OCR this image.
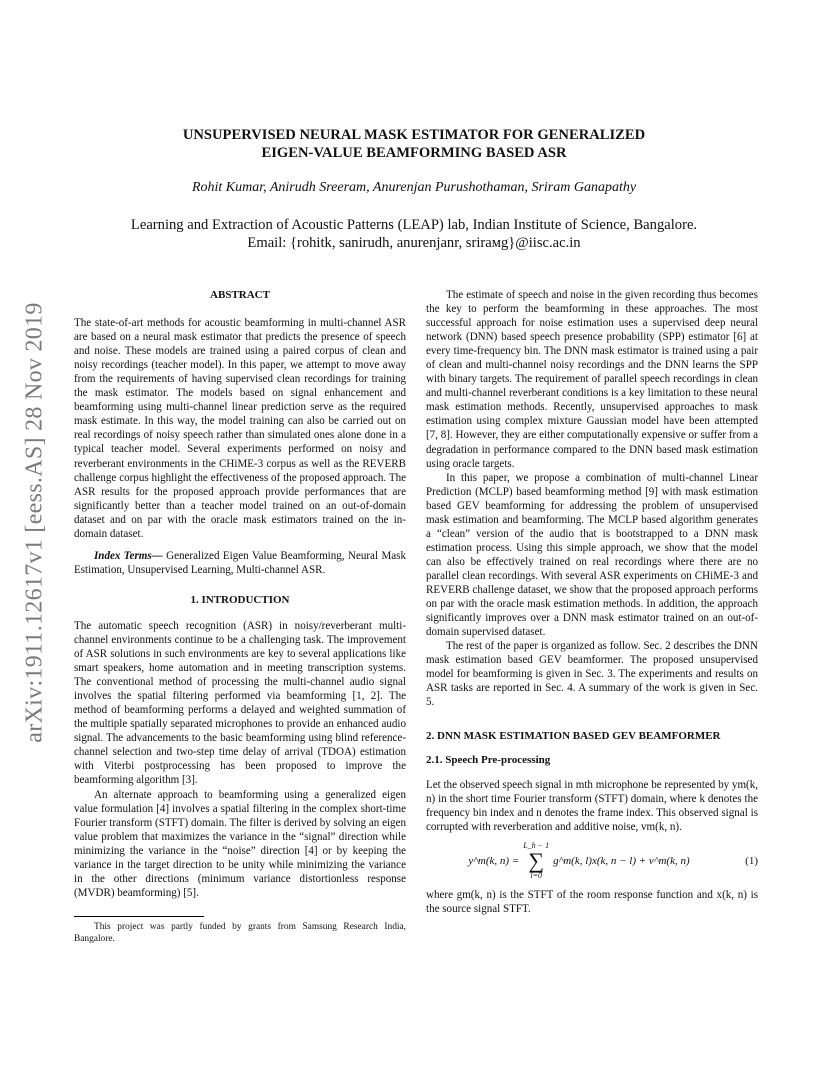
arXiv:1911.12617v1 [eess.AS] 28 Nov 2019
UNSUPERVISED NEURAL MASK ESTIMATOR FOR GENERALIZED
EIGEN-VALUE BEAMFORMING BASED ASR
Rohit Kumar, Anirudh Sreeram, Anurenjan Purushothaman, Sriram Ganapathy
Learning and Extraction of Acoustic Patterns (LEAP) lab, Indian Institute of Science, Bangalore.
Email: {rohitk, sanirudh, anurenjanr, srirамg}@iisc.ac.in
ABSTRACT

The state-of-art methods for acoustic beamforming in multi-channel ASR are based on a neural mask estimator that predicts the presence of speech and noise. These models are trained using a paired corpus of clean and noisy recordings (teacher model). In this paper, we attempt to move away from the requirements of having supervised clean recordings for training the mask estimator. The models based on signal enhancement and beamforming using multi-channel linear prediction serve as the required mask estimate. In this way, the model training can also be carried out on real recordings of noisy speech rather than simulated ones alone done in a typical teacher model. Several experiments performed on noisy and reverberant environments in the CHiME-3 corpus as well as the REVERB challenge corpus highlight the effectiveness of the proposed approach. The ASR results for the proposed approach provide performances that are significantly better than a teacher model trained on an out-of-domain dataset and on par with the oracle mask estimators trained on the in-domain dataset.

Index Terms— Generalized Eigen Value Beamforming, Neural Mask Estimation, Unsupervised Learning, Multi-channel ASR.

1. INTRODUCTION

The automatic speech recognition (ASR) in noisy/reverberant multi-channel environments continue to be a challenging task. The improvement of ASR solutions in such environments are key to several applications like smart speakers, home automation and in meeting transcription systems. The conventional method of processing the multi-channel audio signal involves the spatial filtering performed via beamforming [1, 2]. The method of beamforming performs a delayed and weighted summation of the multiple spatially separated microphones to provide an enhanced audio signal. The advancements to the basic beamforming using blind reference-channel selection and two-step time delay of arrival (TDOA) estimation with Viterbi postprocessing has been proposed to improve the beamforming algorithm [3].

An alternate approach to beamforming using a generalized eigen value formulation [4] involves a spatial filtering in the complex short-time Fourier transform (STFT) domain. The filter is derived by solving an eigen value problem that maximizes the variance in the “signal” direction while minimizing the variance in the “noise” direction [4] or by keeping the variance in the target direction to be unity while minimizing the variance in the other directions (minimum variance distortionless response (MVDR) beamforming) [5].

This project was partly funded by grants from Samsung Research India, Bangalore.

The estimate of speech and noise in the given recording thus becomes the key to perform the beamforming in these approaches. The most successful approach for noise estimation uses a supervised deep neural network (DNN) based speech presence probability (SPP) estimator [6] at every time-frequency bin. The DNN mask estimator is trained using a pair of clean and multi-channel noisy recordings and the DNN learns the SPP with binary targets. The requirement of parallel speech recordings in clean and multi-channel reverberant conditions is a key limitation to these neural mask estimation methods. Recently, unsupervised approaches to mask estimation using complex mixture Gaussian model have been attempted [7, 8]. However, they are either computationally expensive or suffer from a degradation in performance compared to the DNN based mask estimation using oracle targets.

In this paper, we propose a combination of multi-channel Linear Prediction (MCLP) based beamforming method [9] with mask estimation based GEV beamforming for addressing the problem of unsupervised mask estimation and beamforming. The MCLP based algorithm generates a “clean” version of the audio that is bootstrapped to a DNN mask estimation process. Using this simple approach, we show that the model can also be effectively trained on real recordings where there are no parallel clean recordings. With several ASR experiments on CHiME-3 and REVERB challenge dataset, we show that the proposed approach performs on par with the oracle mask estimation methods. In addition, the approach significantly improves over a DNN mask estimator trained on an out-of-domain supervised dataset.

The rest of the paper is organized as follow. Sec. 2 describes the DNN mask estimation based GEV beamformer. The proposed unsupervised model for beamforming is given in Sec. 3. The experiments and results on ASR tasks are reported in Sec. 4. A summary of the work is given in Sec. 5.

2. DNN MASK ESTIMATION BASED GEV BEAMFORMER
2.1. Speech Pre-processing

Let the observed speech signal in mth microphone be represented by ym(k, n) in the short time Fourier transform (STFT) domain, where k denotes the frequency bin index and n denotes the frame index. This observed signal is corrupted with reverberation and additive noise, vm(k, n).

y^m(k, n) =
L_h − 1
∑
l=0
g^m(k, l)x(k, n − l) + v^m(k, n)	(1)

where gm(k, n) is the STFT of the room response function and x(k, n) is the source signal STFT.
